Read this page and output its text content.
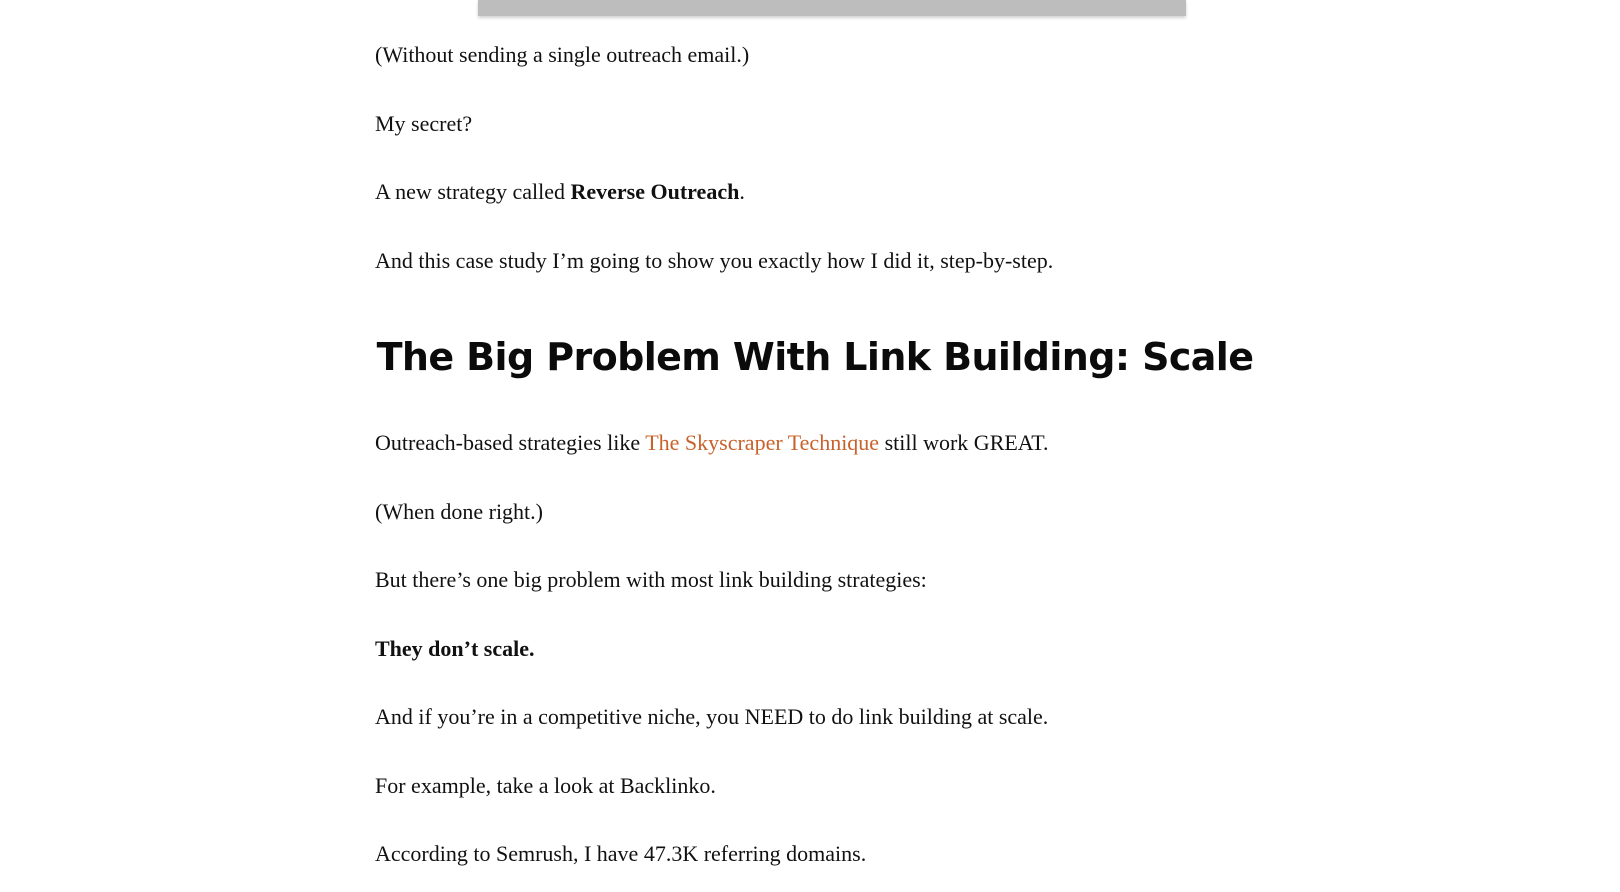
(Without sending a single outreach email.)

My secret?

A new strategy called Reverse Outreach.

And this case study I’m going to show you exactly how I did it, step-by-step.

The Big Problem With Link Building: Scale

Outreach-based strategies like The Skyscraper Technique still work GREAT.

(When done right.)

But there’s one big problem with most link building strategies:

They don’t scale.

And if you’re in a competitive niche, you NEED to do link building at scale.

For example, take a look at Backlinko.

According to Semrush, I have 47.3K referring domains.
